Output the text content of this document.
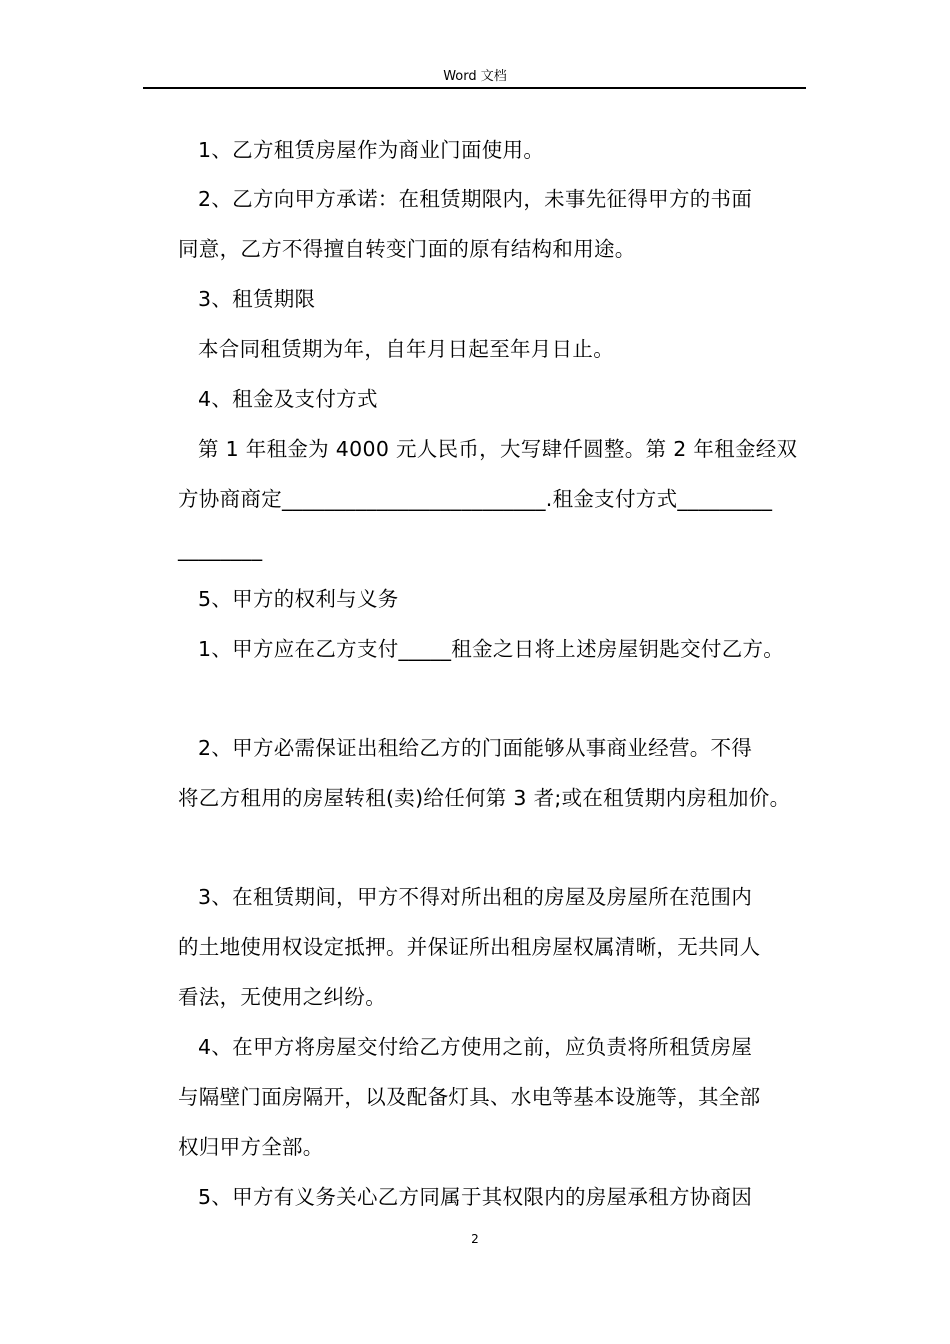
Word 文档
1、乙方租赁房屋作为商业门面使用。
2、乙方向甲方承诺：在租赁期限内，未事先征得甲方的书面
同意，乙方不得擅自转变门面的原有结构和用途。
3、租赁期限
本合同租赁期为年，自年月日起至年月日止。
4、租金及支付方式
第 1 年租金为 4000 元人民币，大写肆仟圆整。第 2 年租金经双
方协商商定_________________________.租金支付方式_________
________
5、甲方的权利与义务
1、甲方应在乙方支付_____租金之日将上述房屋钥匙交付乙方。
2、甲方必需保证出租给乙方的门面能够从事商业经营。不得
将乙方租用的房屋转租(卖)给任何第 3 者;或在租赁期内房租加价。
3、在租赁期间，甲方不得对所出租的房屋及房屋所在范围内
的土地使用权设定抵押。并保证所出租房屋权属清晰，无共同人
看法，无使用之纠纷。
4、在甲方将房屋交付给乙方使用之前，应负责将所租赁房屋
与隔壁门面房隔开，以及配备灯具、水电等基本设施等，其全部
权归甲方全部。
5、甲方有义务关心乙方同属于其权限内的房屋承租方协商因
2
